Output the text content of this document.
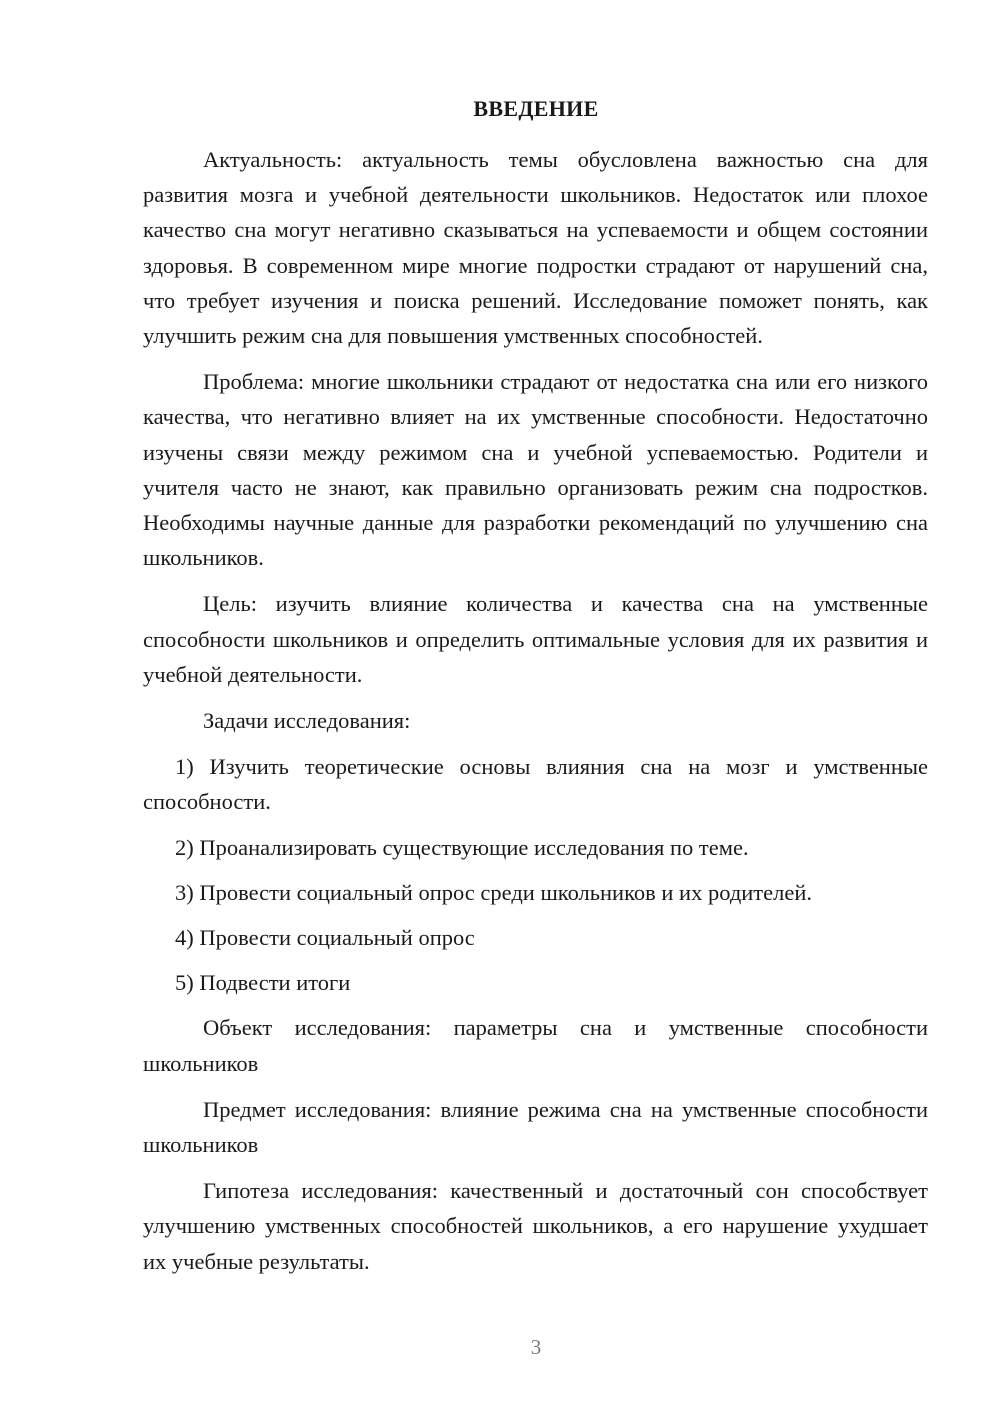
ВВЕДЕНИЕ

Актуальность: актуальность темы обусловлена важностью сна для развития мозга и учебной деятельности школьников. Недостаток или плохое качество сна могут негативно сказываться на успеваемости и общем состоянии здоровья. В современном мире многие подростки страдают от нарушений сна, что требует изучения и поиска решений. Исследование поможет понять, как улучшить режим сна для повышения умственных способностей.

Проблема: многие школьники страдают от недостатка сна или его низкого качества, что негативно влияет на их умственные способности. Недостаточно изучены связи между режимом сна и учебной успеваемостью. Родители и учителя часто не знают, как правильно организовать режим сна подростков. Необходимы научные данные для разработки рекомендаций по улучшению сна школьников.

Цель: изучить влияние количества и качества сна на умственные способности школьников и определить оптимальные условия для их развития и учебной деятельности.

Задачи исследования:

1) Изучить теоретические основы влияния сна на мозг и умственные способности.

2) Проанализировать существующие исследования по теме.

3) Провести социальный опрос среди школьников и их родителей.

4) Провести социальный опрос

5) Подвести итоги

Объект исследования: параметры сна и умственные способности школьников

Предмет исследования: влияние режима сна на умственные способности школьников

Гипотеза исследования: качественный и достаточный сон способствует улучшению умственных способностей школьников, а его нарушение ухудшает их учебные результаты.

3
